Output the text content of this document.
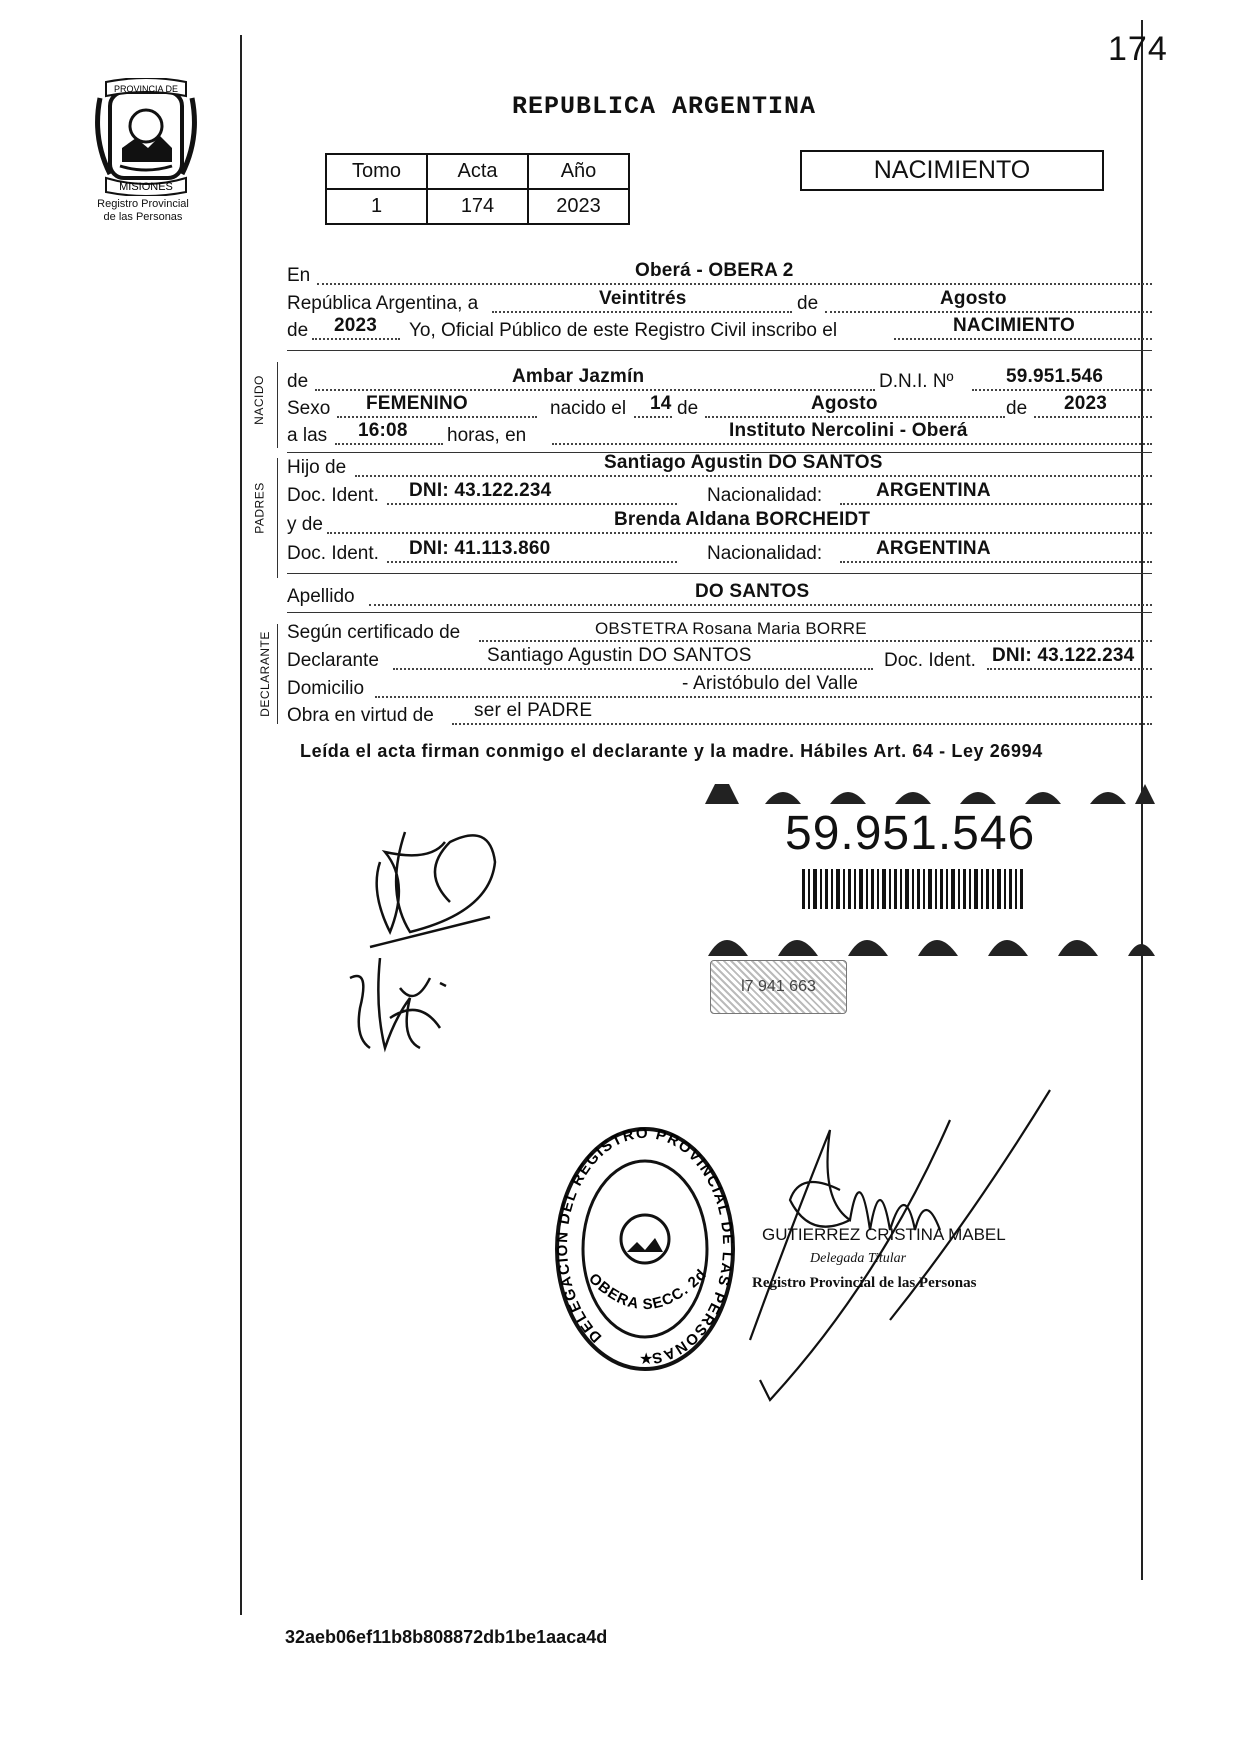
174
PROVINCIA DE
MISIONES
Registro Provincial
de las Personas
REPUBLICA ARGENTINA
Tomo	Acta	Año
1	174	2023
NACIMIENTO
En	Oberá - OBERA 2
República Argentina, a	Veintitrés	de	Agosto
de 2023 Yo, Oficial Público de este Registro Civil inscribo el	NACIMIENTO
NACIDO de	Ambar Jazmín	D.N.I. Nº	59.951.546
Sexo FEMENINO	nacido el 14 de	Agosto	de 2023
a las 16:08 horas, en	Instituto Nercolini - Oberá
PADRES
Hijo de	Santiago Agustin DO SANTOS
Doc. Ident. DNI: 43.122.234	Nacionalidad:	ARGENTINA
y de	Brenda Aldana BORCHEIDT
Doc. Ident. DNI: 41.113.860	Nacionalidad:	ARGENTINA
Apellido	DO SANTOS
DECLARANTE Según certificado de	OBSTETRA Rosana Maria BORRE
Declarante	Santiago Agustin DO SANTOS	Doc. Ident. DNI: 43.122.234
Domicilio	- Aristóbulo del Valle
Obra en virtud de ser el PADRE
Leída el acta firman conmigo el declarante y la madre. Hábiles Art. 64 - Ley 26994
59.951.546
l7 941 663
DELEGACION DEL REGISTRO PROVINCIAL DE LAS PERSONAS
OBERA SECC. 2d
★
GUTIERREZ CRISTINA MABEL
Delegada Titular
Registro Provincial de las Personas
32aeb06ef11b8b808872db1be1aaca4d
